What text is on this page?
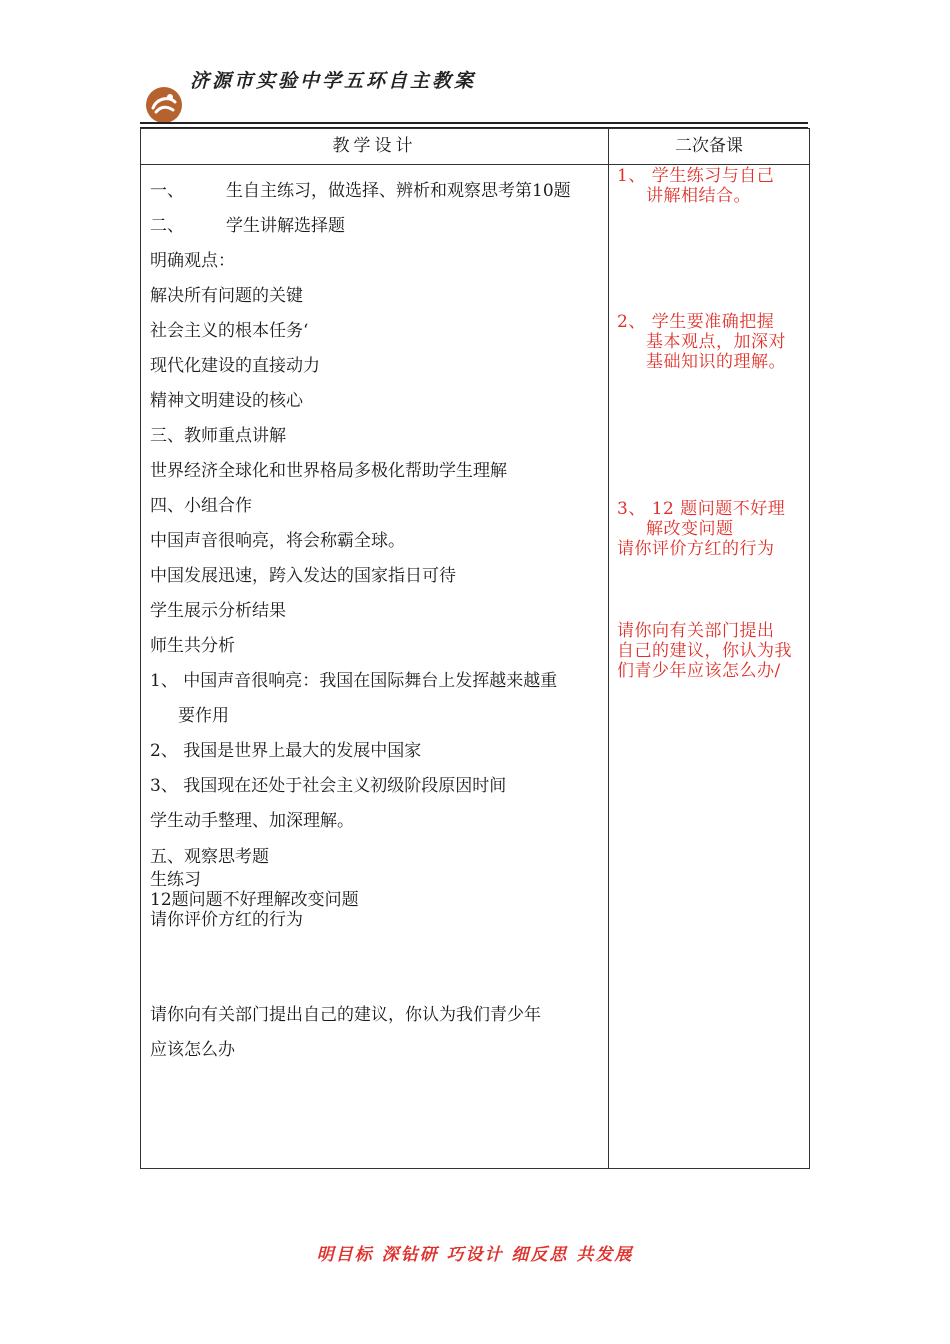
济源市实验中学五环自主教案
教学设计	二次备课
一、 生自主练习，做选择、辨析和观察思考第10题
二、 学生讲解选择题
明确观点：
解决所有问题的关键
社会主义的根本任务‘
现代化建设的直接动力
精神文明建设的核心
三、教师重点讲解
世界经济全球化和世界格局多极化帮助学生理解
四、小组合作
中国声音很响亮，将会称霸全球。
中国发展迅速，跨入发达的国家指日可待
学生展示分析结果
师生共分析
1、 中国声音很响亮：我国在国际舞台上发挥越来越重
要作用
2、 我国是世界上最大的发展中国家
3、 我国现在还处于社会主义初级阶段原因时间
学生动手整理、加深理解。
五、观察思考题
生练习
12题问题不好理解改变问题
请你评价方红的行为
请你向有关部门提出自己的建议，你认为我们青少年
应该怎么办
1、 学生练习与自己
讲解相结合。
2、 学生要准确把握
基本观点，加深对
基础知识的理解。
3、 12 题问题不好理
解改变问题
请你评价方红的行为
请你向有关部门提出
自己的建议，你认为我
们青少年应该怎么办/
明目标 深钻研 巧设计 细反思 共发展
